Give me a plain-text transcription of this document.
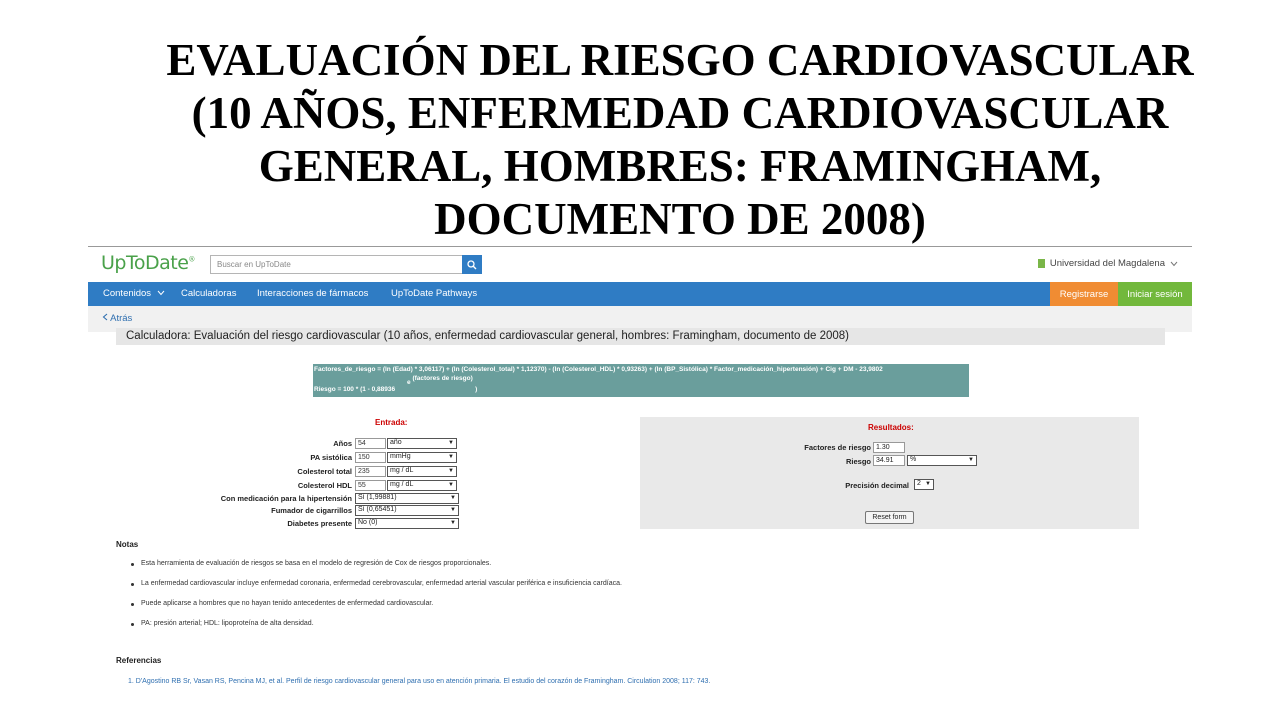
EVALUACIÓN DEL RIESGO CARDIOVASCULAR
(10 AÑOS, ENFERMEDAD CARDIOVASCULAR
GENERAL, HOMBRES: FRAMINGHAM,
DOCUMENTO DE 2008)
UpToDate®
Buscar en UpToDate	Universidad del Magdalena
Contenidos	Calculadoras Interacciones de fármacos UpToDate Pathways	Registrarse	Iniciar sesión
Atrás
Calculadora: Evaluación del riesgo cardiovascular (10 años, enfermedad cardiovascular general, hombres: Framingham, documento de 2008)
Factores_de_riesgo = (ln (Edad) * 3,06117) + (ln (Colesterol_total) * 1,12370) - (ln (Colesterol_HDL) * 0,93263) + (ln (BP_Sistólica) * Factor_medicación_hipertensión) + Cig + DM - 23,9802
e (factores de riesgo)
Riesgo = 100 * (1 - 0,88936	)
Entrada:
Años 54	año	▼
PA sistólica 150	mmHg	▼
Colesterol total 235	mg / dL	▼
Colesterol HDL 55	mg / dL	▼
Con medicación para la hipertensión Sí (1,99881)	▼
Fumador de cigarrillos Sí (0,65451)	▼
Diabetes presente No (0)	▼
Resultados:
Factores de riesgo 1.30
Riesgo 34.91	%	▼
Precisión decimal	2 ▼
Reset form
Notas
Esta herramienta de evaluación de riesgos se basa en el modelo de regresión de Cox de riesgos proporcionales.
La enfermedad cardiovascular incluye enfermedad coronaria, enfermedad cerebrovascular, enfermedad arterial vascular periférica e insuficiencia cardíaca.
Puede aplicarse a hombres que no hayan tenido antecedentes de enfermedad cardiovascular.
PA: presión arterial; HDL: lipoproteína de alta densidad.
Referencias
1. D'Agostino RB Sr, Vasan RS, Pencina MJ, et al. Perfil de riesgo cardiovascular general para uso en atención primaria. El estudio del corazón de Framingham. Circulation 2008; 117: 743.
